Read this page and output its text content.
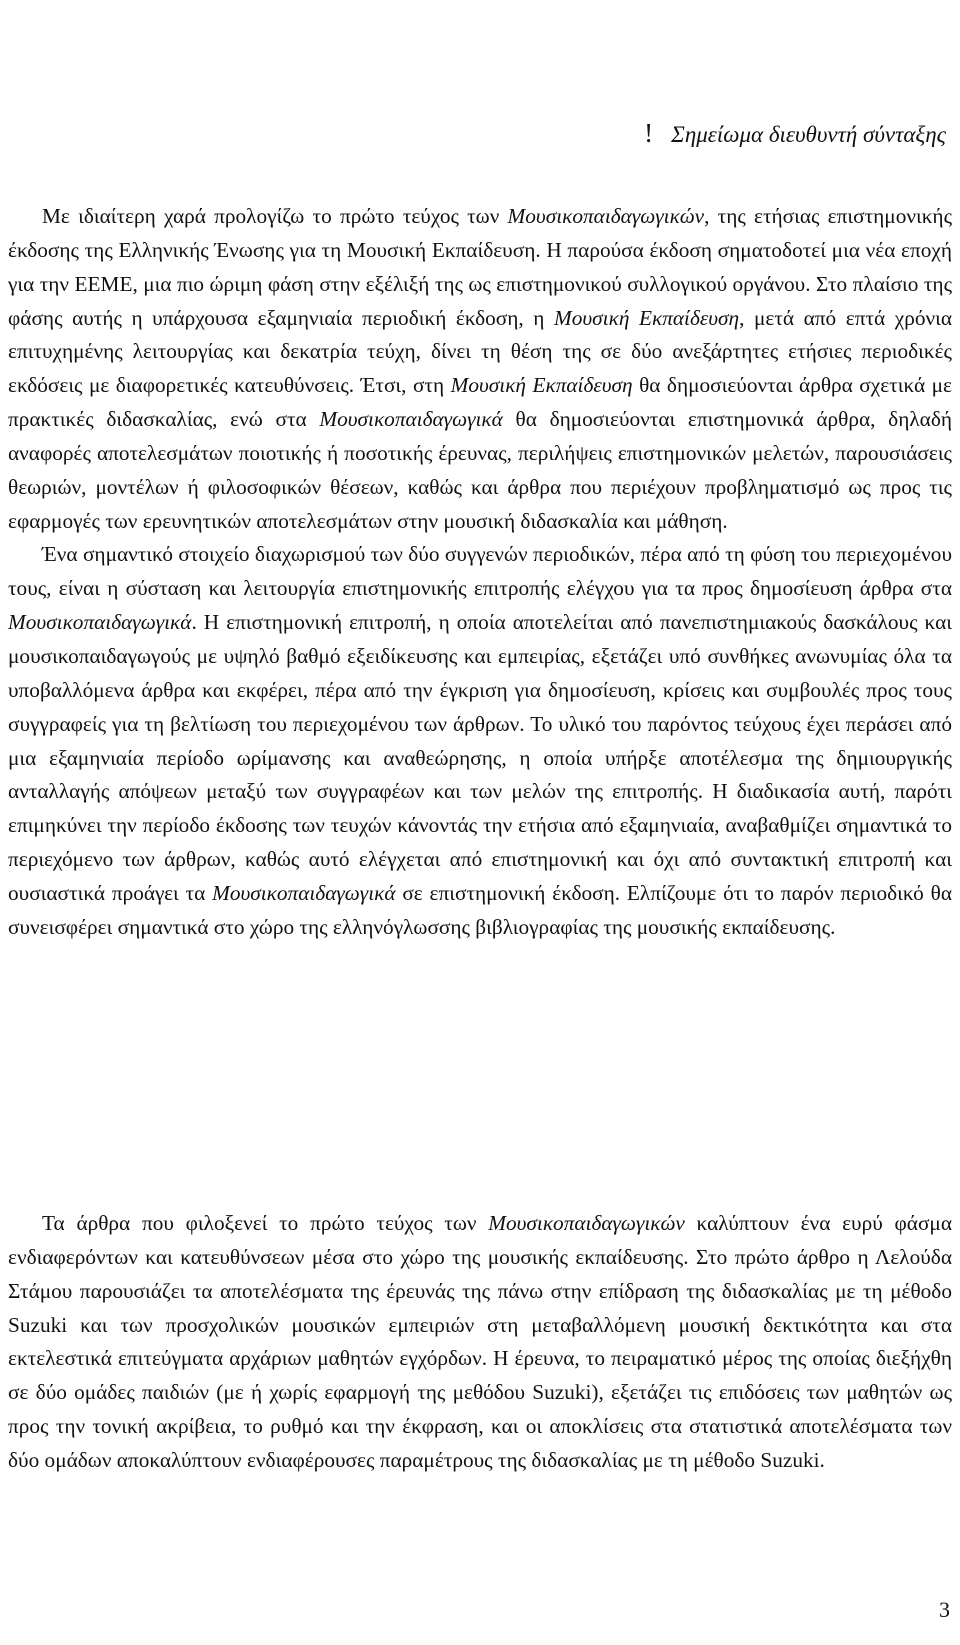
! Σημείωμα διευθυντή σύνταξης

Με ιδιαίτερη χαρά προλογίζω το πρώτο τεύχος των Μουσικοπαιδαγωγικών, της ετήσιας επιστημονικής έκδοσης της Ελληνικής Ένωσης για τη Μουσική Εκπαίδευση. Η παρούσα έκδοση σηματοδοτεί μια νέα εποχή για την ΕΕΜΕ, μια πιο ώριμη φάση στην εξέλιξή της ως επιστημονικού συλλογικού οργάνου. Στο πλαίσιο της φάσης αυτής η υπάρχουσα εξαμηνιαία περιοδική έκδοση, η Μουσική Εκπαίδευση, μετά από επτά χρόνια επιτυχημένης λειτουργίας και δεκατρία τεύχη, δίνει τη θέση της σε δύο ανεξάρτητες ετήσιες περιοδικές εκδόσεις με διαφορετικές κατευθύνσεις. Έτσι, στη Μουσική Εκπαίδευση θα δημοσιεύονται άρθρα σχετικά με πρακτικές διδασκαλίας, ενώ στα Μουσικοπαιδαγωγικά θα δημοσιεύονται επιστημονικά άρθρα, δηλαδή αναφορές αποτελεσμάτων ποιοτικής ή ποσοτικής έρευνας, περιλήψεις επιστημονικών μελετών, παρουσιάσεις θεωριών, μοντέλων ή φιλοσοφικών θέσεων, καθώς και άρθρα που περιέχουν προβληματισμό ως προς τις εφαρμογές των ερευνητικών αποτελεσμάτων στην μουσική διδασκαλία και μάθηση.

Ένα σημαντικό στοιχείο διαχωρισμού των δύο συγγενών περιοδικών, πέρα από τη φύση του περιεχομένου τους, είναι η σύσταση και λειτουργία επιστημονικής επιτροπής ελέγχου για τα προς δημοσίευση άρθρα στα Μουσικοπαιδαγωγικά. Η επιστημονική επιτροπή, η οποία αποτελείται από πανεπιστημιακούς δασκάλους και μουσικοπαιδαγωγούς με υψηλό βαθμό εξειδίκευσης και εμπειρίας, εξετάζει υπό συνθήκες ανωνυμίας όλα τα υποβαλλόμενα άρθρα και εκφέρει, πέρα από την έγκριση για δημοσίευση, κρίσεις και συμβουλές προς τους συγγραφείς για τη βελτίωση του περιεχομένου των άρθρων. Το υλικό του παρόντος τεύχους έχει περάσει από μια εξαμηνιαία περίοδο ωρίμανσης και αναθεώρησης, η οποία υπήρξε αποτέλεσμα της δημιουργικής ανταλλαγής απόψεων μεταξύ των συγγραφέων και των μελών της επιτροπής. Η διαδικασία αυτή, παρότι επιμηκύνει την περίοδο έκδοσης των τευχών κάνοντάς την ετήσια από εξαμηνιαία, αναβαθμίζει σημαντικά το περιεχόμενο των άρθρων, καθώς αυτό ελέγχεται από επιστημονική και όχι από συντακτική επιτροπή και ουσιαστικά προάγει τα Μουσικοπαιδαγωγικά σε επιστημονική έκδοση. Ελπίζουμε ότι το παρόν περιοδικό θα συνεισφέρει σημαντικά στο χώρο της ελληνόγλωσσης βιβλιογραφίας της μουσικής εκπαίδευσης.

Τα άρθρα που φιλοξενεί το πρώτο τεύχος των Μουσικοπαιδαγωγικών καλύπτουν ένα ευρύ φάσμα ενδιαφερόντων και κατευθύνσεων μέσα στο χώρο της μουσικής εκπαίδευσης. Στο πρώτο άρθρο η Λελούδα Στάμου παρουσιάζει τα αποτελέσματα της έρευνάς της πάνω στην επίδραση της διδασκαλίας με τη μέθοδο Suzuki και των προσχολικών μουσικών εμπειριών στη μεταβαλλόμενη μουσική δεκτικότητα και στα εκτελεστικά επιτεύγματα αρχάριων μαθητών εγχόρδων. Η έρευνα, το πειραματικό μέρος της οποίας διεξήχθη σε δύο ομάδες παιδιών (με ή χωρίς εφαρμογή της μεθόδου Suzuki), εξετάζει τις επιδόσεις των μαθητών ως προς την τονική ακρίβεια, το ρυθμό και την έκφραση, και οι αποκλίσεις στα στατιστικά αποτελέσματα των δύο ομάδων αποκαλύπτουν ενδιαφέρουσες παραμέτρους της διδασκαλίας με τη μέθοδο Suzuki.

3
